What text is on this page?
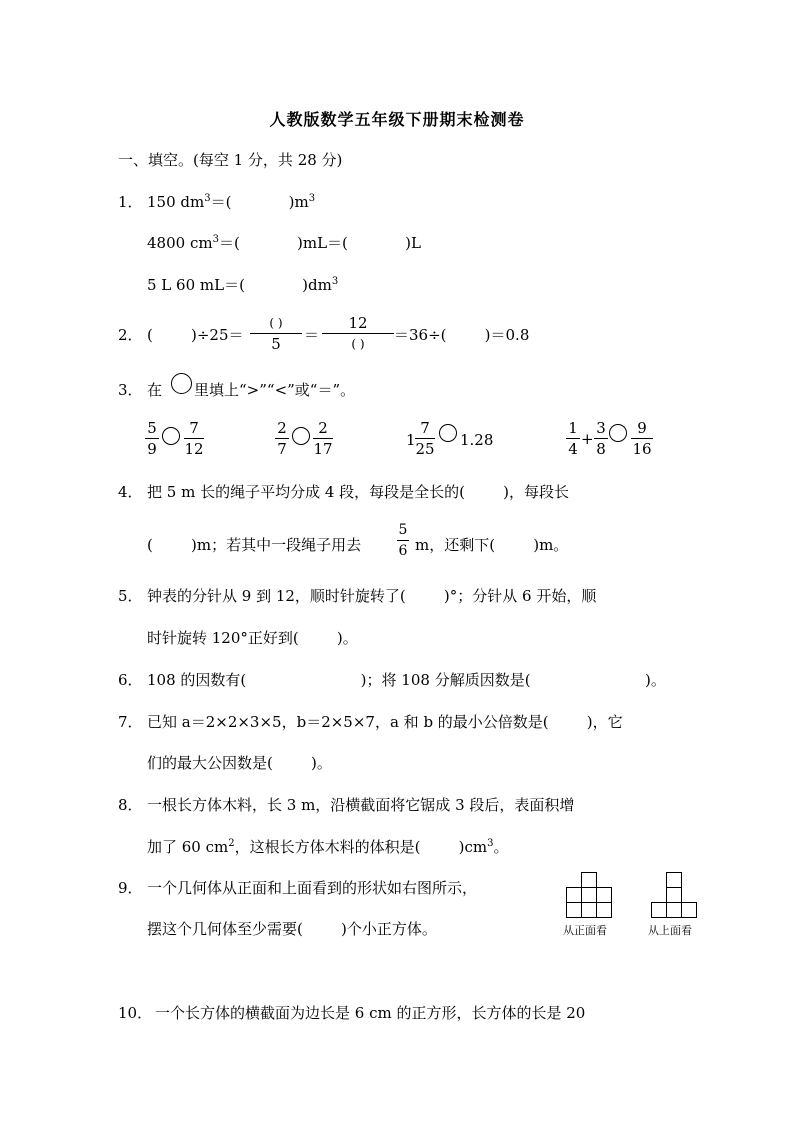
人教版数学五年级下册期末检测卷
一、填空。(每空 1 分，共 28 分)
1． 150 $dm^3=$(            )$m^3$
4800 $cm^3=$(            )mL＝(            )L
5 L 60 mL＝(            )$dm^3$
2． (        )÷25＝
( )
5 ＝
12
( ) ＝36÷(        )＝0.8
3． 在 里填上“>”“<”或“＝”。
5
9
7
12
2
7
2
17	1
7
25 1.28
1
4
+
3
8
9
16
4． 把 5 m 长的绳子平均分成 4 段，每段是全长的(        )，每段长
(        )m；若其中一段绳子用去
5
6 m，还剩下(        )m。
5． 钟表的分针从 9 到 12，顺时针旋转了(        )°；分针从 6 开始，顺
时针旋转 120°正好到(        )。
6． 108 的因数有(                        )；将 108 分解质因数是(                        )。
7． 已知 a＝2×2×3×5，b＝2×5×7，a 和 b 的最小公倍数是(        )，它
们的最大公因数是(        )。
8． 一根长方体木料，长 3 m，沿横截面将它锯成 3 段后，表面积增
加了 60 $cm^2$，这根长方体木料的体积是(        )$cm^3$。
9． 一个几何体从正面和上面看到的形状如右图所示，
摆这个几何体至少需要(        )个小正方体。	从正面看	从上面看
10． 一个长方体的横截面为边长是 6 cm 的正方形，长方体的长是 20
